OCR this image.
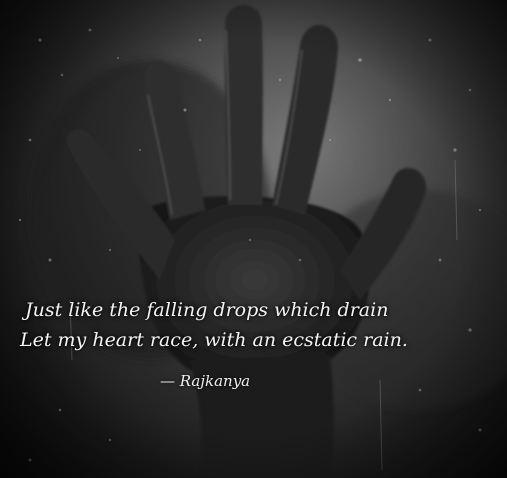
Just like the falling drops which drain
Let my heart race, with an ecstatic rain.
— Rajkanya
